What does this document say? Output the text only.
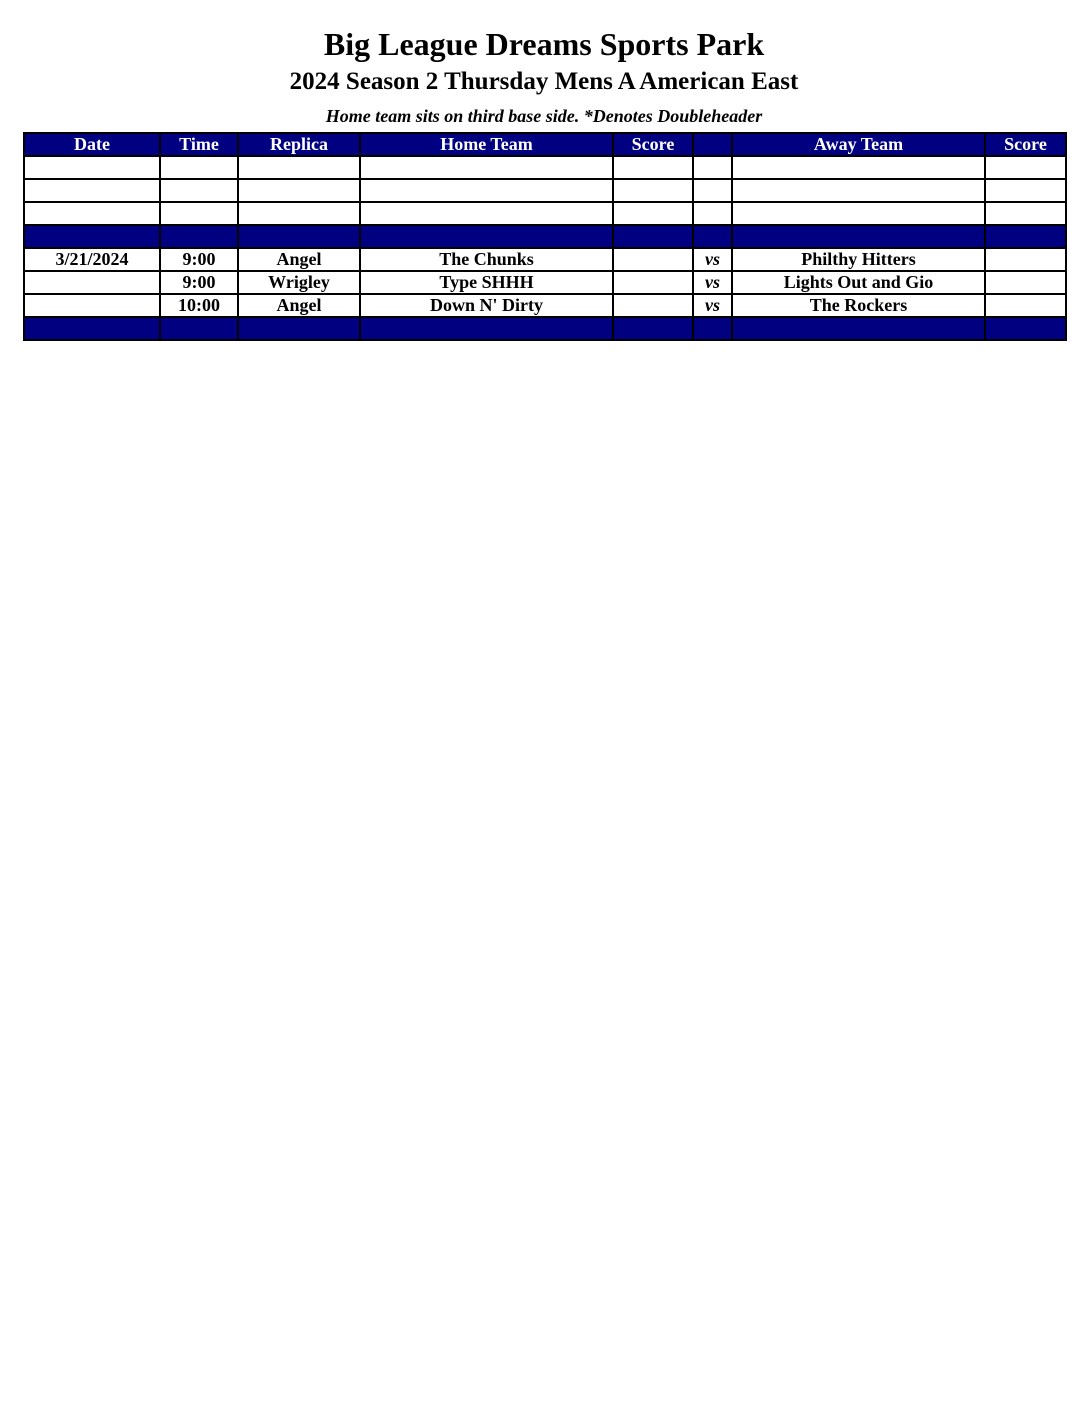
Big League Dreams Sports Park
2024 Season 2 Thursday Mens A American East
Home team sits on third base side. *Denotes Doubleheader
Date	Time	Replica	Home Team	Score		Away Team	Score

3/21/2024	9:00	Angel	The Chunks		vs	Philthy Hitters	
	9:00	Wrigley	Type SHHH		vs	Lights Out and Gio	
	10:00	Angel	Down N' Dirty		vs	The Rockers	
